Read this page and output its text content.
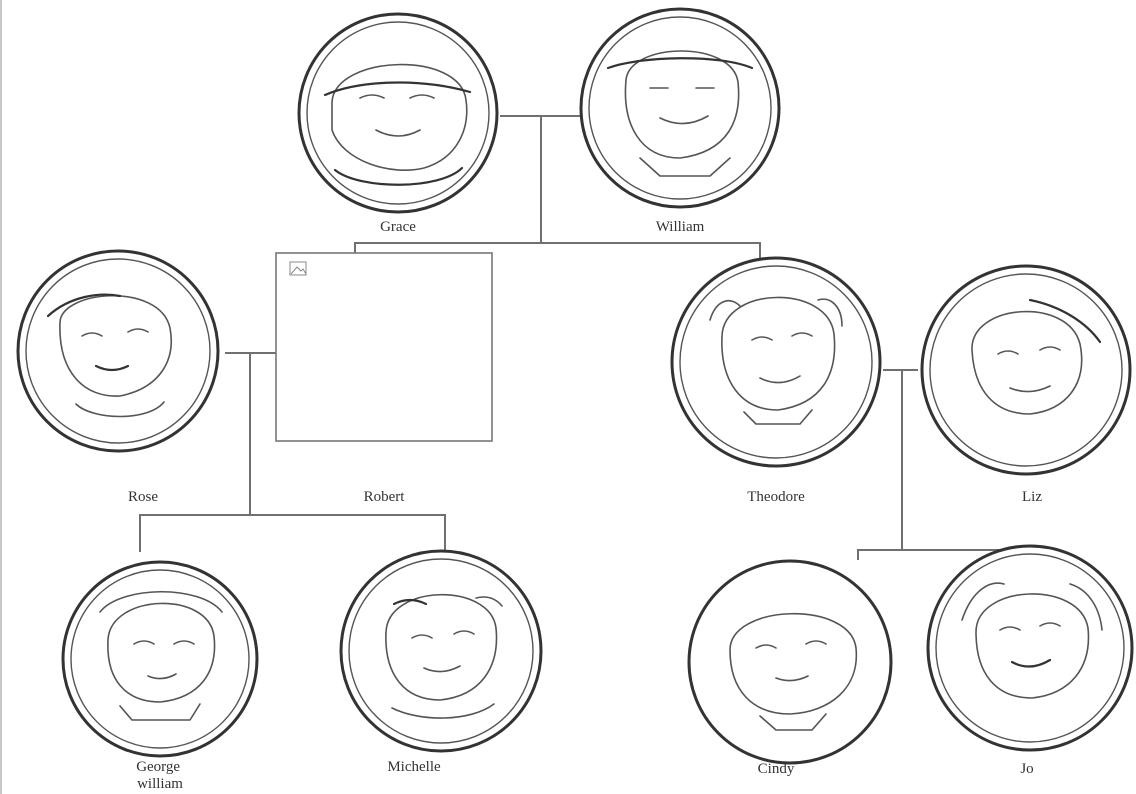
Grace	William
Robert
Rose	Theodore	Liz
George william
Michelle	Cindy	Jo
